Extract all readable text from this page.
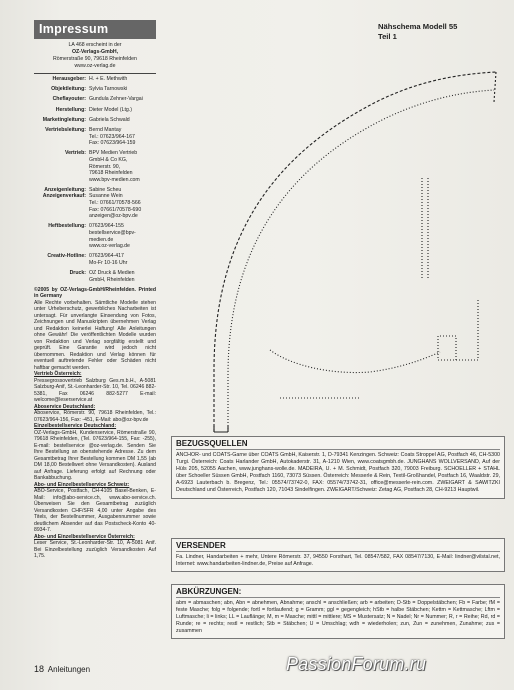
Impressum
LA 468 erscheint in der
OZ-Verlags-GmbH,
Römerstraße 90, 79618 Rheinfelden
www.oz-verlag.de
Herausgeber: H. + E. Methwith
Objektleitung: Sylvia Tarnowski
Cheflayouter: Gundula Zehner-Vargai
Herstellung: Dieter Model (Ltg.)
Marketingleitung: Gabriela Schwald
Vertriebsleitung: Bernd Mantay
Tel.: 07623/964-167
Fax: 07623/964-159
Vertrieb: BPV Medien Vertrieb
GmbH & Co KG,
Römerstr. 90,
79618 Rheinfelden
www.bpv-medien.com
Anzeigenleitung:
Anzeigenverkauf:
Sabine Scheu
Susanne Wein
Tel.: 07661/70578-566
Fax: 07661/70578-690
anzeigen@oz-bpv.de
Heftbestellung: 07623/964-155
bestellservice@bpv-
medien.de
www.oz-verlag.de
Creativ-Hotline: 07623/964-417
Mo-Fr 10-16 Uhr
Druck: OZ Druck & Medien
GmbH, Rheinfelden

©2005 by OZ-Verlags-GmbH/Rheinfelden. Printed in Germany

Alle Rechte vorbehalten. Sämtliche Modelle stehen unter Urheberschutz, gewerbliches Nacharbeiten ist untersagt. Für unverlangte Einsendung von Fotos, Zeichnungen und Manuskripten übernehmen Verlag und Redaktion keinerlei Haftung! Alle Anleitungen ohne Gewähr! Die veröffentlichten Modelle wurden von Redaktion und Verlag sorgfältig erstellt und geprüft. Eine Garantie wird jedoch nicht übernommen. Redaktion und Verlag können für eventuell auftretende Fehler oder Schäden nicht haftbar gemacht werden.

Vertrieb Österreich:

Pressegrossovertrieb Salzburg Ges.m.b.H., A-5081 Salzburg-Anif, St.-Leonharder-Str. 10, Tel. 06246 882-5381, Fax 06246 882-5277 E-mail: welcome@leserservice.at

Aboservice Deutschland:

Aboservice, Römerstr. 90, 79618 Rheinfelden, Tel.: 07623/964-156, Fax: -451, E-Mail: abo@oz-bpv.de

Einzelbestellservice Deutschland:

OZ-Verlags-GmbH, Kundenservice, Römerstraße 90, 79618 Rheinfelden, (Tel. 07623/964-155, Fax: -255), E-mail: bestellservice @oz-verlag.de. Senden Sie Ihre Bestellung an obenstehende Adresse. Zu dem Gesamtbetrag Ihrer Bestellung kommen DM 1,55 (ab DM 18,00 Bestellwert ohne Versandkosten). Ausland auf Anfrage. Lieferung erfolgt auf Rechnung oder Bankabbuchung.

Abo- und Einzelbestellservice Schweiz:

ABO-Service, Postfach, CH-4105 Basel-Benken, E-Mail: info@abo-service.ch, www.abo-service.ch. Überweisen Sie den Gesamtbetrag zuzüglich Versandkosten CHF/SFR 4,00 unter Angabe des Titels, der Bestellnummer, Ausgabennummer sowie deutlichem Absender auf das Postscheck-Konto 40-8934-7.

Abo- und Einzelbestellservice Österreich:

Leser Service, St.-Leonharder-Str. 10, A-5081 Anif. Bei Einzelbestellung zuzüglich Versandkosten Auf 1,75.

Nähschema Modell 55
Teil 1
BEZUGSQUELLEN
ANCHOR- und COATS-Garne über COATS GmbH, Kaiserstr. 1, D-79341 Kenzingen. Schweiz: Coats Stroppel AG, Postfach 46, CH-5300 Turgi. Österreich: Coats Harlander GmbH, Autokaderstr. 31, A-1210 Wien, www.coatsgmbh.de. JUNGHANS WOLLVERSAND, Auf der Hüls 205, 52055 Aachen, www.junghans-wolle.de. MADEIRA, U. + M. Schmidt, Postfach 320, 79003 Freiburg. SCHOELLER + STAHL über Schoeller Süssen GmbH, Postfach 1160, 73073 Süssen. Österreich: Messerle & Rein, Textil-Großhandel, Postfach 16, Waaldstr. 29, A-6923 Lauterbach b. Bregenz, Tel.: 05574/73742-0, FAX: 05574/73742-31, office@messerle-rein.com. ZWEIGART & SAWITZKI Deutschland und Österreich, Postfach 120, 71043 Sindelfingen. ZWEIGART/Schweiz: Zetag AG, Postfach 28, CH-9213 Hauptwil.
VERSENDER
Fa. Lindner, Handarbeiten + mehr, Untere Römerstr. 37, 94550 Forsthart, Tel. 08547/582, FAX 08547/7130, E-Mail: lindner@vilstal.net, Internet: www.handarbeiten-lindner.de, Preise auf Anfrage.
ABKÜRZUNGEN:
abm = abmaschen; abn, Abn = abnehmen, Abnahme; anschl = anschließen; arb = arbeiten; D-Stb = Doppelstäbchen; Fb = Farbe; fM = feste Masche; folg = folgende; fortl = fortlaufend; g = Gramm; ggl = gegengleich; hStb = halbe Stäbchen; Kettm = Kettmasche; Lftm = Luftmasche; li = links; LL = Lauflänge; M, m = Masche; mittl = mittlere; MS = Mustersatz; N = Nadel; Nr = Nummer; R, r = Reihe; Rd, rd = Runde; re = rechts; restl = restlich; Stb = Stäbchen; U = Umschlag; wdh = wiederholen; zun, Zun = zunehmen, Zunahme; zus = zusammen
18 Anleitungen	PassionForum.ru
